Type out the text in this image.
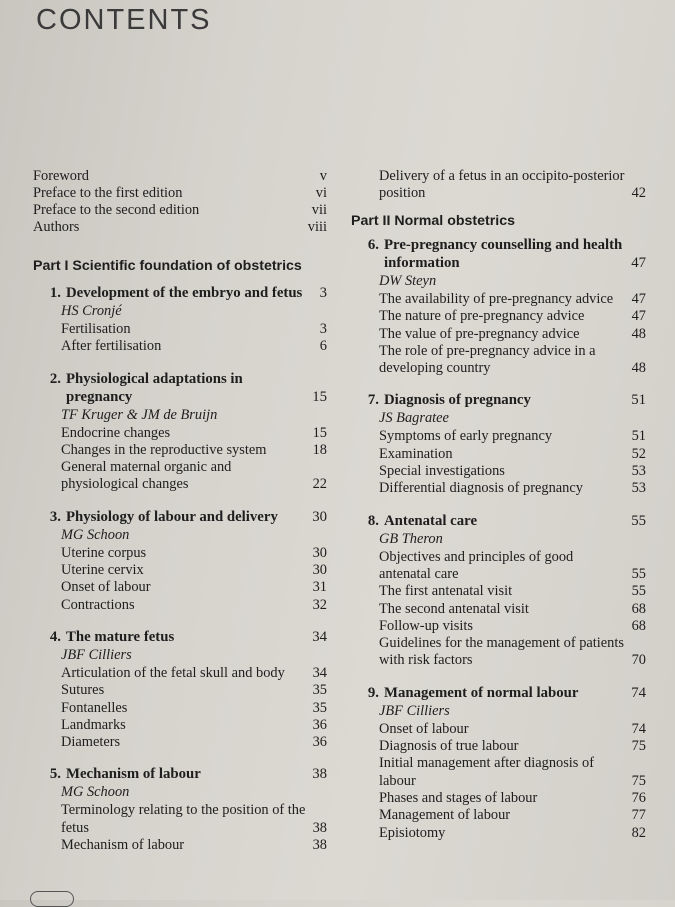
CONTENTS
Foreword	v
Preface to the first edition	vi
Preface to the second edition	vii
Authors	viii
Part I Scientific foundation of obstetrics
1. Development of the embryo and fetus	3
HS Cronjé
Fertilisation	3
After fertilisation	6
2. Physiological adaptations in pregnancy	15
TF Kruger & JM de Bruijn
Endocrine changes	15
Changes in the reproductive system	18
General maternal organic and physiological changes	22
3. Physiology of labour and delivery	30
MG Schoon
Uterine corpus	30
Uterine cervix	30
Onset of labour	31
Contractions	32
4. The mature fetus	34
JBF Cilliers
Articulation of the fetal skull and body	34
Sutures	35
Fontanelles	35
Landmarks	36
Diameters	36
5. Mechanism of labour	38
MG Schoon
Terminology relating to the position of the fetus	38
Mechanism of labour	38
Delivery of a fetus in an occipito-posterior position	42
Part II Normal obstetrics
6. Pre-pregnancy counselling and health information	47
DW Steyn
The availability of pre-pregnancy advice	47
The nature of pre-pregnancy advice	47
The value of pre-pregnancy advice	48
The role of pre-pregnancy advice in a developing country	48
7. Diagnosis of pregnancy	51
JS Bagratee
Symptoms of early pregnancy	51
Examination	52
Special investigations	53
Differential diagnosis of pregnancy	53
8. Antenatal care	55
GB Theron
Objectives and principles of good antenatal care	55
The first antenatal visit	55
The second antenatal visit	68
Follow-up visits	68
Guidelines for the management of patients with risk factors	70
9. Management of normal labour	74
JBF Cilliers
Onset of labour	74
Diagnosis of true labour	75
Initial management after diagnosis of labour	75
Phases and stages of labour	76
Management of labour	77
Episiotomy	82
